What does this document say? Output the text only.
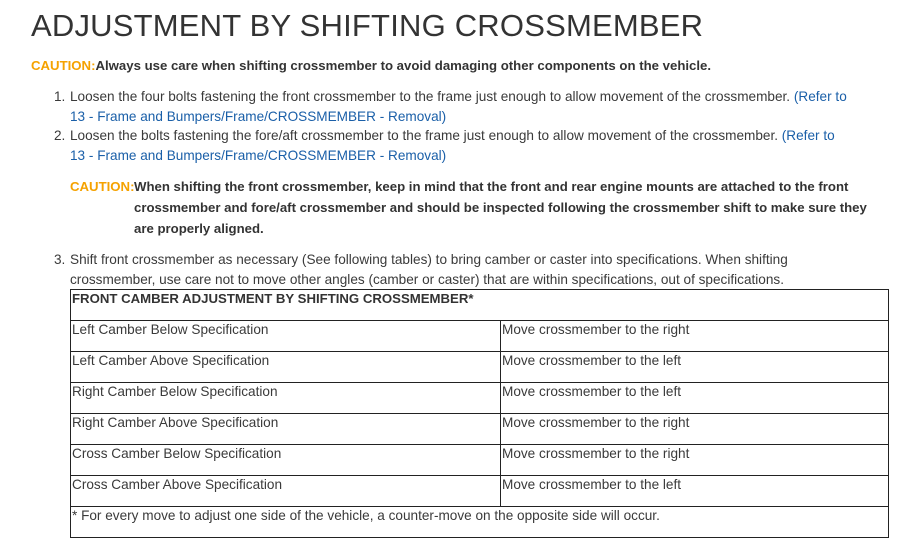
ADJUSTMENT BY SHIFTING CROSSMEMBER
CAUTION:Always use care when shifting crossmember to avoid damaging other components on the vehicle.
1. Loosen the four bolts fastening the front crossmember to the frame just enough to allow movement of the crossmember. (Refer to
13 - Frame and Bumpers/Frame/CROSSMEMBER - Removal)
2. Loosen the bolts fastening the fore/aft crossmember to the frame just enough to allow movement of the crossmember. (Refer to
13 - Frame and Bumpers/Frame/CROSSMEMBER - Removal)
CAUTION: When shifting the front crossmember, keep in mind that the front and rear engine mounts are attached to the front
crossmember and fore/aft crossmember and should be inspected following the crossmember shift to make sure they
are properly aligned.
3. Shift front crossmember as necessary (See following tables) to bring camber or caster into specifications. When shifting
crossmember, use care not to move other angles (camber or caster) that are within specifications, out of specifications.
FRONT CAMBER ADJUSTMENT BY SHIFTING CROSSMEMBER*	
Left Camber Below Specification	Move crossmember to the right
Left Camber Above Specification	Move crossmember to the left
Right Camber Below Specification	Move crossmember to the left
Right Camber Above Specification	Move crossmember to the right
Cross Camber Below Specification	Move crossmember to the right
Cross Camber Above Specification	Move crossmember to the left
* For every move to adjust one side of the vehicle, a counter-move on the opposite side will occur.	
